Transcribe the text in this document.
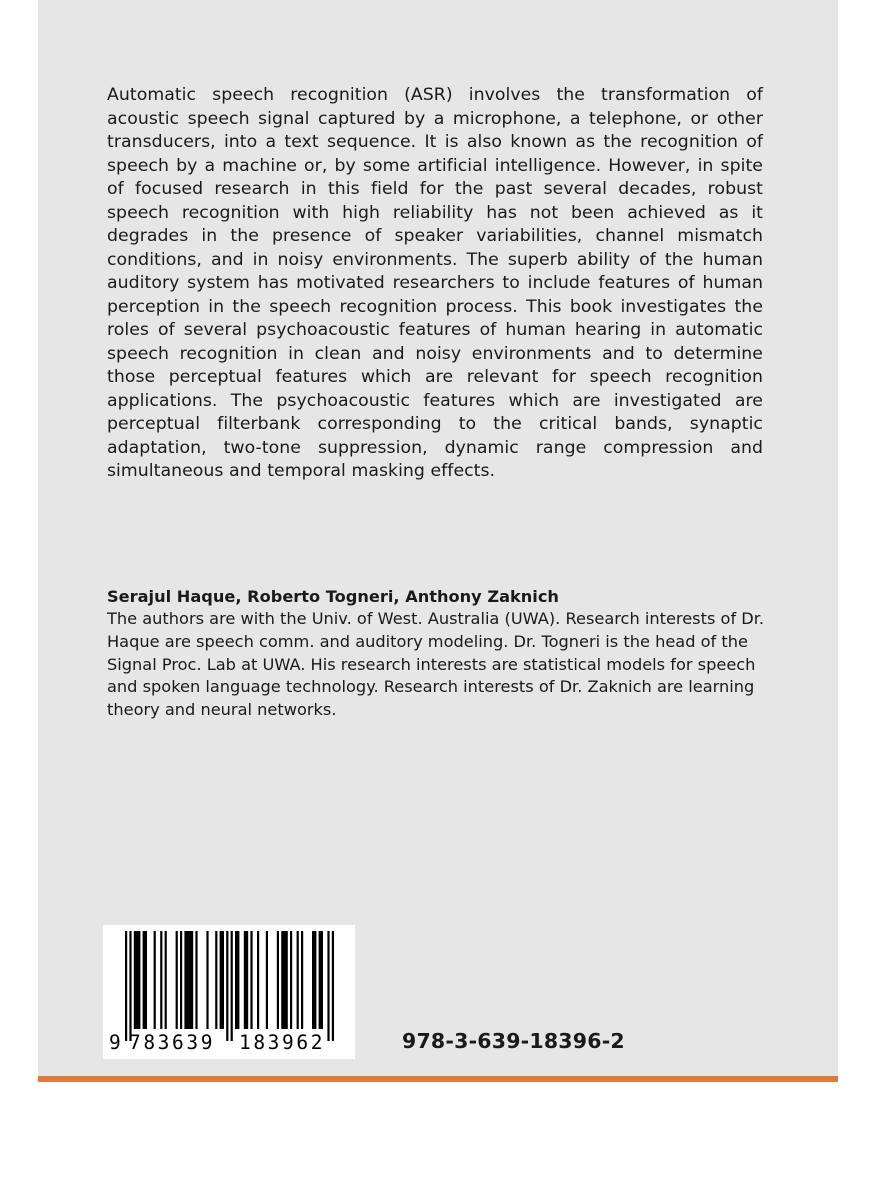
Automatic speech recognition (ASR) involves the transformation of acoustic speech signal captured by a microphone, a telephone, or other transducers, into a text sequence. It is also known as the recognition of speech by a machine or, by some artificial intelligence. However, in spite of focused research in this field for the past several decades, robust speech recognition with high reliability has not been achieved as it degrades in the presence of speaker variabilities, channel mismatch conditions, and in noisy environments. The superb ability of the human auditory system has motivated researchers to include features of human perception in the speech recognition process. This book investigates the roles of several psychoacoustic features of human hearing in automatic speech recognition in clean and noisy environments and to determine those perceptual features which are relevant for speech recognition applications. The psychoacoustic features which are investigated are perceptual filterbank corresponding to the critical bands, synaptic adaptation, two-tone suppression, dynamic range compression and simultaneous and temporal masking effects.

Serajul Haque, Roberto Togneri, Anthony Zaknich

The authors are with the Univ. of West. Australia (UWA). Research interests of Dr. Haque are speech comm. and auditory modeling. Dr. Togneri is the head of the Signal Proc. Lab at UWA. His research interests are statistical models for speech and spoken language technology. Research interests of Dr. Zaknich are learning theory and neural networks.

9

783639

183962

	978-3-639-18396-2
